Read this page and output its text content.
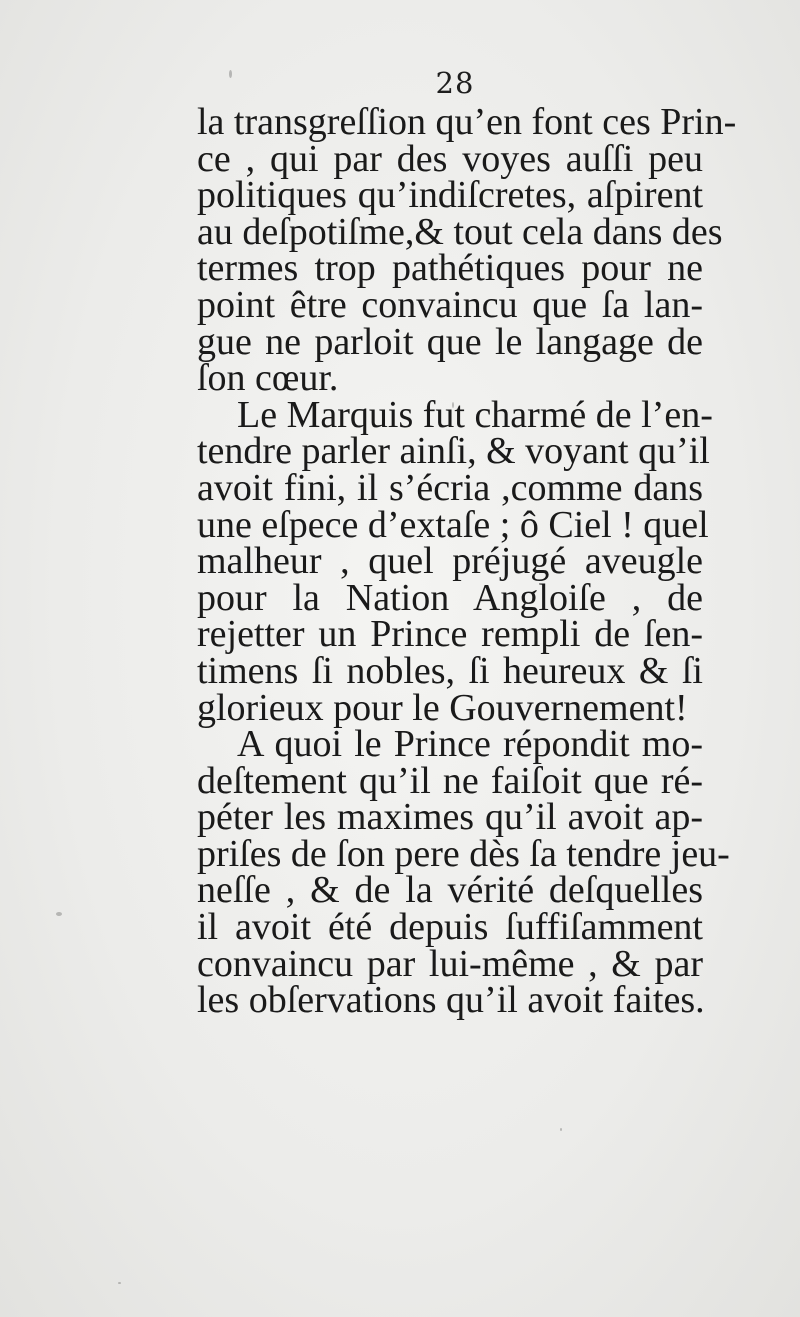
28
la transgreſſion qu’en font ces Prin-
ce , qui par des voyes auſſi peu
politiques qu’indiſcretes, aſpirent
au deſpotiſme,& tout cela dans des
termes trop pathétiques pour ne
point être convaincu que ſa lan-
gue ne parloit que le langage de
ſon cœur.
Le Marquis fut charmé de l’en-
tendre parler ainſi, & voyant qu’il
avoit fini, il s’écria ,comme dans
une eſpece d’extaſe ; ô Ciel ! quel
malheur , quel préjugé aveugle
pour la Nation Angloiſe , de
rejetter un Prince rempli de ſen-
timens ſi nobles, ſi heureux & ſi
glorieux pour le Gouvernement!
A quoi le Prince répondit mo-
deſtement qu’il ne faiſoit que ré-
péter les maximes qu’il avoit ap-
priſes de ſon pere dès ſa tendre jeu-
neſſe , & de la vérité deſquelles
il avoit été depuis ſuffiſamment
convaincu par lui-même , & par
les obſervations qu’il avoit faites.
